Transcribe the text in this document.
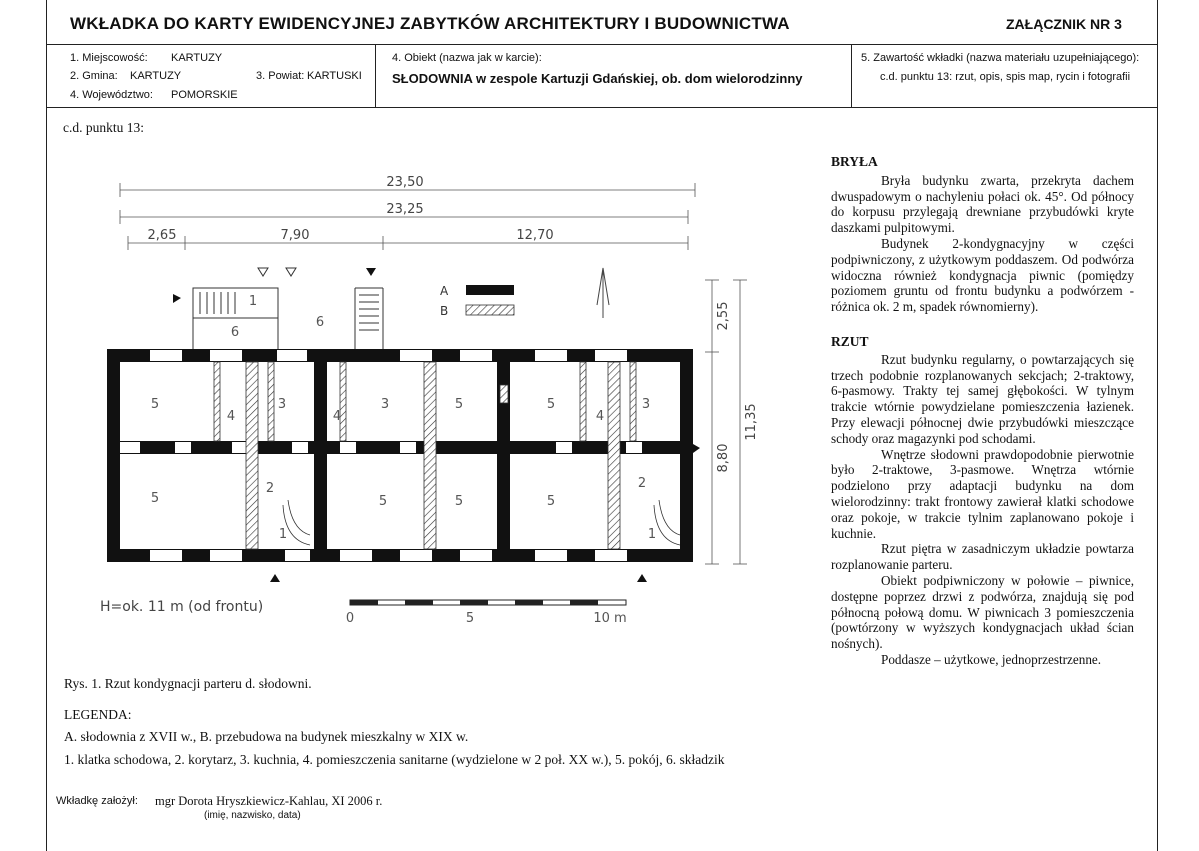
WKŁADKA DO KARTY EWIDENCYJNEJ ZABYTKÓW ARCHITEKTURY I BUDOWNICTWA	ZAŁĄCZNIK NR 3
1. Miejscowość: KARTUZY
2. Gmina: KARTUZY	3. Powiat: KARTUSKI
4. Województwo: POMORSKIE
4. Obiekt (nazwa jak w karcie):
SŁODOWNIA w zespole Kartuzji Gdańskiej, ob. dom wielorodzinny
5. Zawartość wkładki (nazwa materiału uzupełniającego):
c.d. punktu 13: rzut, opis, spis map, rycin i fotografii
c.d. punktu 13:
23,50
23,25
2,65	7,90	12,70
2,55
8,80
11,35
A
B
1
6
6
5
4
3
4
3	5	5
4
3
5
2
1
5	5	5
2
1
H=ok. 11 m (od frontu)
0	5	10 m
Rys. 1. Rzut kondygnacji parteru d. słodowni.
LEGENDA:
A. słodownia z XVII w., B. przebudowa na budynek mieszkalny w XIX w.
1. klatka schodowa, 2. korytarz, 3. kuchnia, 4. pomieszczenia sanitarne (wydzielone w 2 poł. XX w.), 5. pokój, 6. składzik
Wkładkę założył: mgr Dorota Hryszkiewicz-Kahlau, XI 2006 r.
(imię, nazwisko, data)

BRYŁA

Bryła budynku zwarta, przekryta dachem dwuspadowym o nachyleniu połaci ok. 45°. Od północy do korpusu przylegają drewniane przybudówki kryte daszkami pulpitowymi.

Budynek 2-kondygnacyjny w części podpiwniczony, z użytkowym poddaszem. Od podwórza widoczna również kondygnacja piwnic (pomiędzy poziomem gruntu od frontu budynku a podwórzem - różnica ok. 2 m, spadek równomierny).

RZUT

Rzut budynku regularny, o powtarzających się trzech podobnie rozplanowanych sekcjach; 2-traktowy, 6-pasmowy. Trakty tej samej głębokości. W tylnym trakcie wtórnie powydzielane pomieszczenia łazienek. Przy elewacji północnej dwie przybudówki mieszczące schody oraz magazynki pod schodami.

Wnętrze słodowni prawdopodobnie pierwotnie było 2-traktowe, 3-pasmowe. Wnętrza wtórnie podzielono przy adaptacji budynku na dom wielorodzinny: trakt frontowy zawierał klatki schodowe oraz pokoje, w trakcie tylnim zaplanowano pokoje i kuchnie.

Rzut piętra w zasadniczym układzie powtarza rozplanowanie parteru.

Obiekt podpiwniczony w połowie – piwnice, dostępne poprzez drzwi z podwórza, znajdują się pod północną połową domu. W piwnicach 3 pomieszczenia (powtórzony w wyższych kondygnacjach układ ścian nośnych).

Poddasze – użytkowe, jednoprzestrzenne.
